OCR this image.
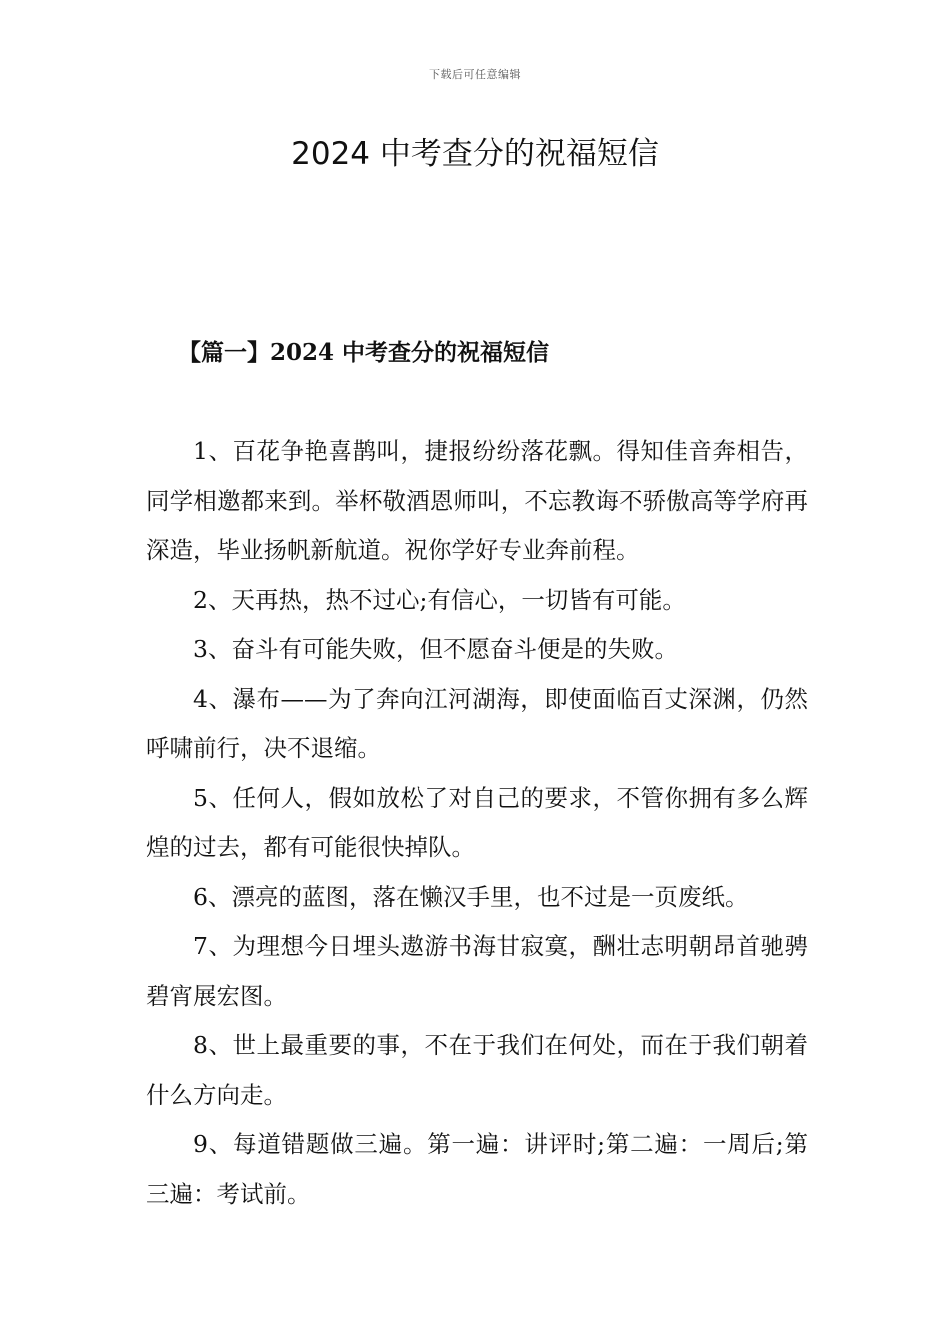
下载后可任意编辑
2024 中考查分的祝福短信
【篇一】2024 中考查分的祝福短信

1、百花争艳喜鹊叫，捷报纷纷落花飘。得知佳音奔相告，同学相邀都来到。举杯敬酒恩师叫，不忘教诲不骄傲高等学府再深造，毕业扬帆新航道。祝你学好专业奔前程。

2、天再热，热不过心;有信心，一切皆有可能。

3、奋斗有可能失败，但不愿奋斗便是的失败。

4、瀑布——为了奔向江河湖海，即使面临百丈深渊，仍然呼啸前行，决不退缩。

5、任何人，假如放松了对自己的要求，不管你拥有多么辉煌的过去，都有可能很快掉队。

6、漂亮的蓝图，落在懒汉手里，也不过是一页废纸。

7、为理想今日埋头遨游书海甘寂寞，酬壮志明朝昂首驰骋碧宵展宏图。

8、世上最重要的事，不在于我们在何处，而在于我们朝着什么方向走。

9、每道错题做三遍。第一遍：讲评时;第二遍：一周后;第三遍：考试前。
